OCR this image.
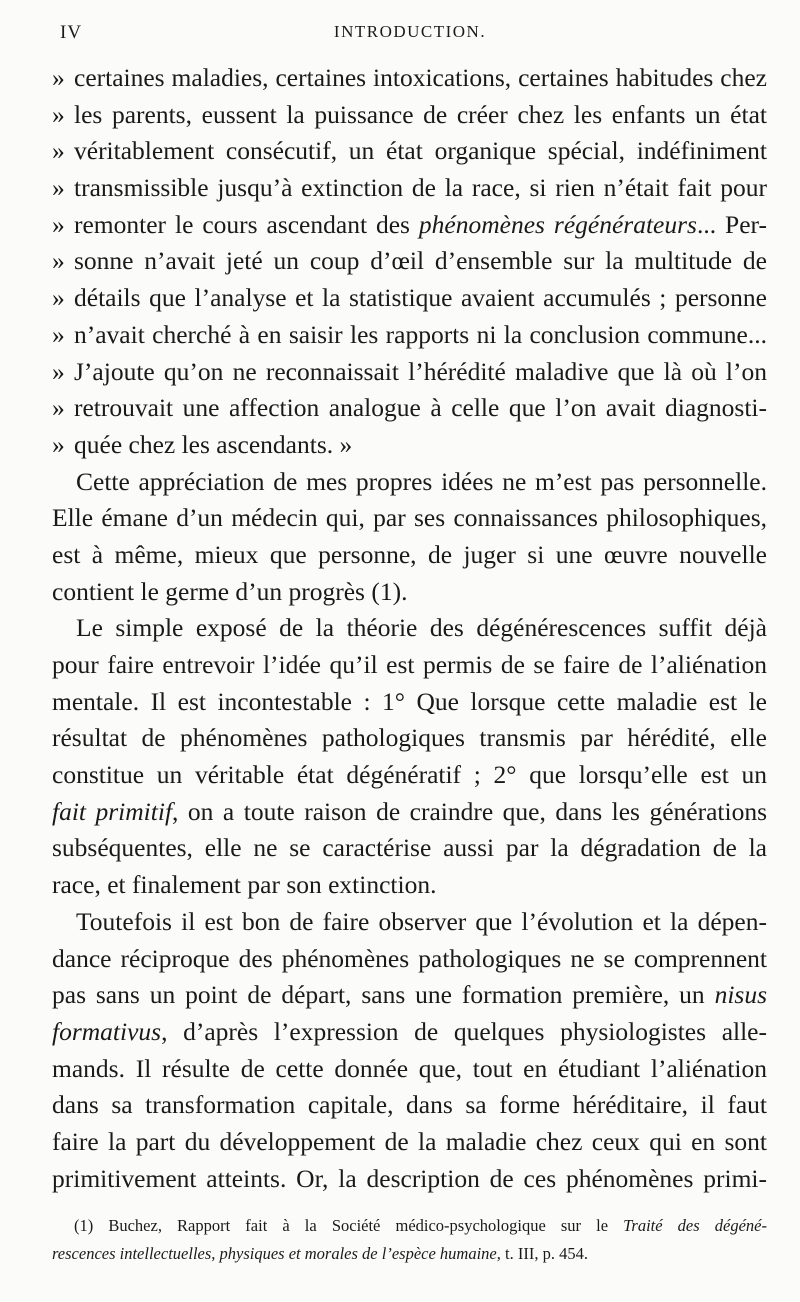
IV	INTRODUCTION.
» certaines maladies, certaines intoxications, certaines habitudes chez
» les parents, eussent la puissance de créer chez les enfants un état
» véritablement consécutif, un état organique spécial, indéfiniment
» transmissible jusqu’à extinction de la race, si rien n’était fait pour
» remonter le cours ascendant des phénomènes régénérateurs... Per-
» sonne n’avait jeté un coup d’œil d’ensemble sur la multitude de
» détails que l’analyse et la statistique avaient accumulés ; personne
» n’avait cherché à en saisir les rapports ni la conclusion commune...
» J’ajoute qu’on ne reconnaissait l’hérédité maladive que là où l’on
» retrouvait une affection analogue à celle que l’on avait diagnosti-
» quée chez les ascendants. »
Cette appréciation de mes propres idées ne m’est pas personnelle.
Elle émane d’un médecin qui, par ses connaissances philosophiques,
est à même, mieux que personne, de juger si une œuvre nouvelle
contient le germe d’un progrès (1).
Le simple exposé de la théorie des dégénérescences suffit déjà
pour faire entrevoir l’idée qu’il est permis de se faire de l’aliénation
mentale. Il est incontestable : 1° Que lorsque cette maladie est le
résultat de phénomènes pathologiques transmis par hérédité, elle
constitue un véritable état dégénératif ; 2° que lorsqu’elle est un
fait primitif, on a toute raison de craindre que, dans les générations
subséquentes, elle ne se caractérise aussi par la dégradation de la
race, et finalement par son extinction.
Toutefois il est bon de faire observer que l’évolution et la dépen-
dance réciproque des phénomènes pathologiques ne se comprennent
pas sans un point de départ, sans une formation première, un nisus
formativus, d’après l’expression de quelques physiologistes alle-
mands. Il résulte de cette donnée que, tout en étudiant l’aliénation
dans sa transformation capitale, dans sa forme héréditaire, il faut
faire la part du développement de la maladie chez ceux qui en sont
primitivement atteints. Or, la description de ces phénomènes primi-
(1) Buchez, Rapport fait à la Société médico-psychologique sur le Traité des dégéné-
rescences intellectuelles, physiques et morales de l’espèce humaine, t. III, p. 454.
